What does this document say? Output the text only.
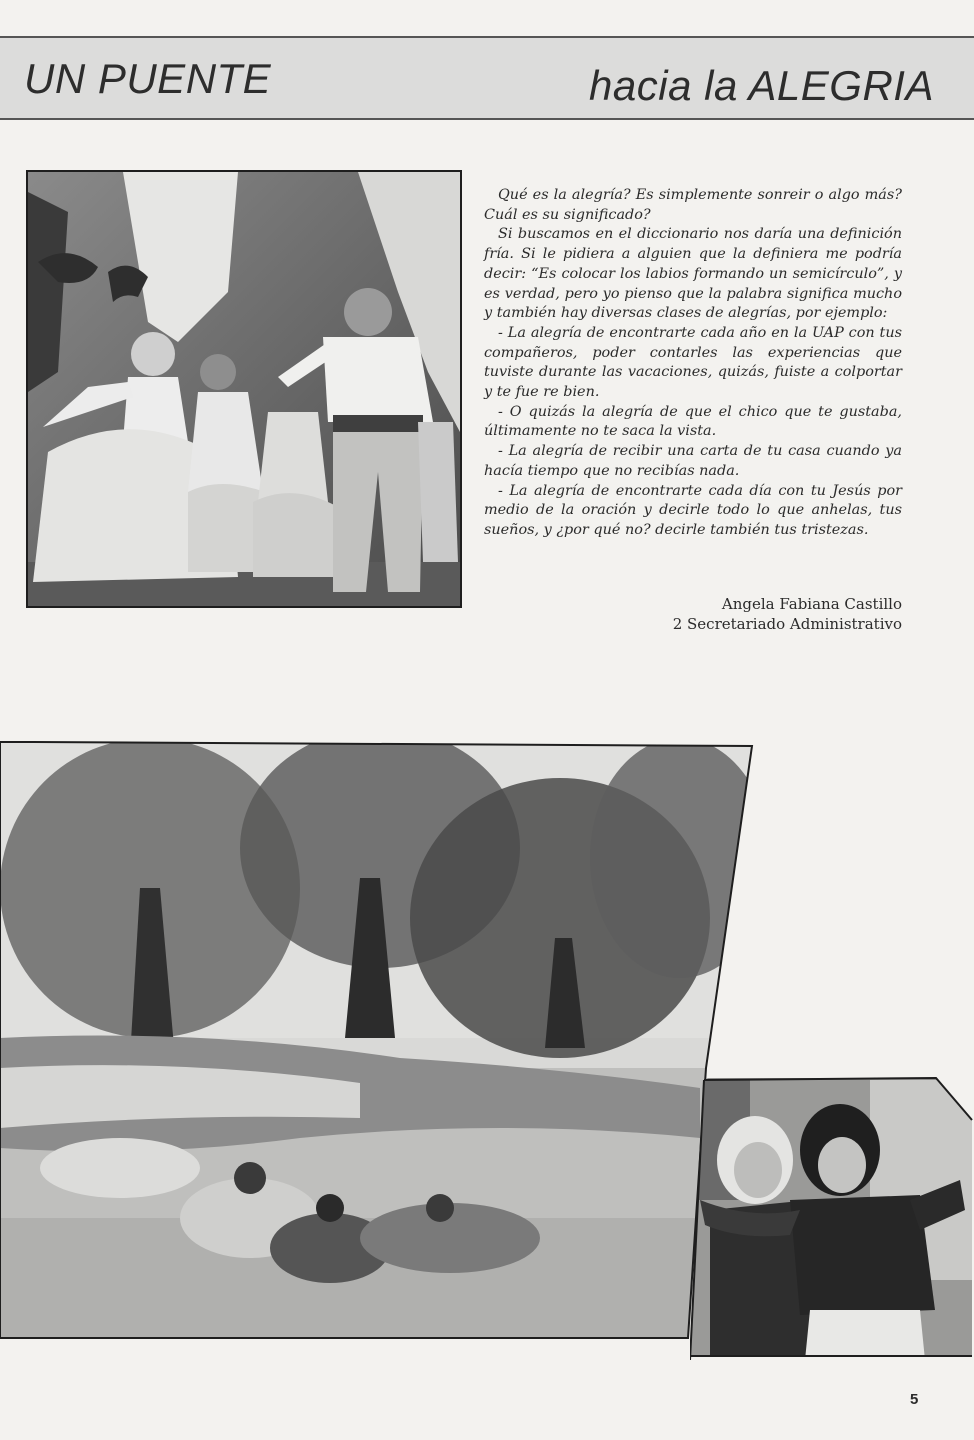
UN PUENTE	hacia la ALEGRIA

Qué es la alegría? Es simplemente sonreir o algo más? Cuál es su significado?

Si buscamos en el diccionario nos daría una definición fría. Si le pidiera a alguien que la definiera me podría decir: “Es colocar los labios formando un semicírculo”, y es verdad, pero yo pienso que la palabra significa mucho y también hay diversas clases de alegrías, por ejemplo:

- La alegría de encontrarte cada año en la UAP con tus compañeros, poder contarles las experiencias que tuviste durante las vacaciones, quizás, fuiste a colportar y te fue re bien.

- O quizás la alegría de que el chico que te gustaba, últimamente no te saca la vista.

- La alegría de recibir una carta de tu casa cuando ya hacía tiempo que no recibías nada.

- La alegría de encontrarte cada día con tu Jesús por medio de la oración y decirle todo lo que anhelas, tus sueños, y ¿por qué no? decirle también tus tristezas.

Angela Fabiana Castillo
2 Secretariado Administrativo
5
